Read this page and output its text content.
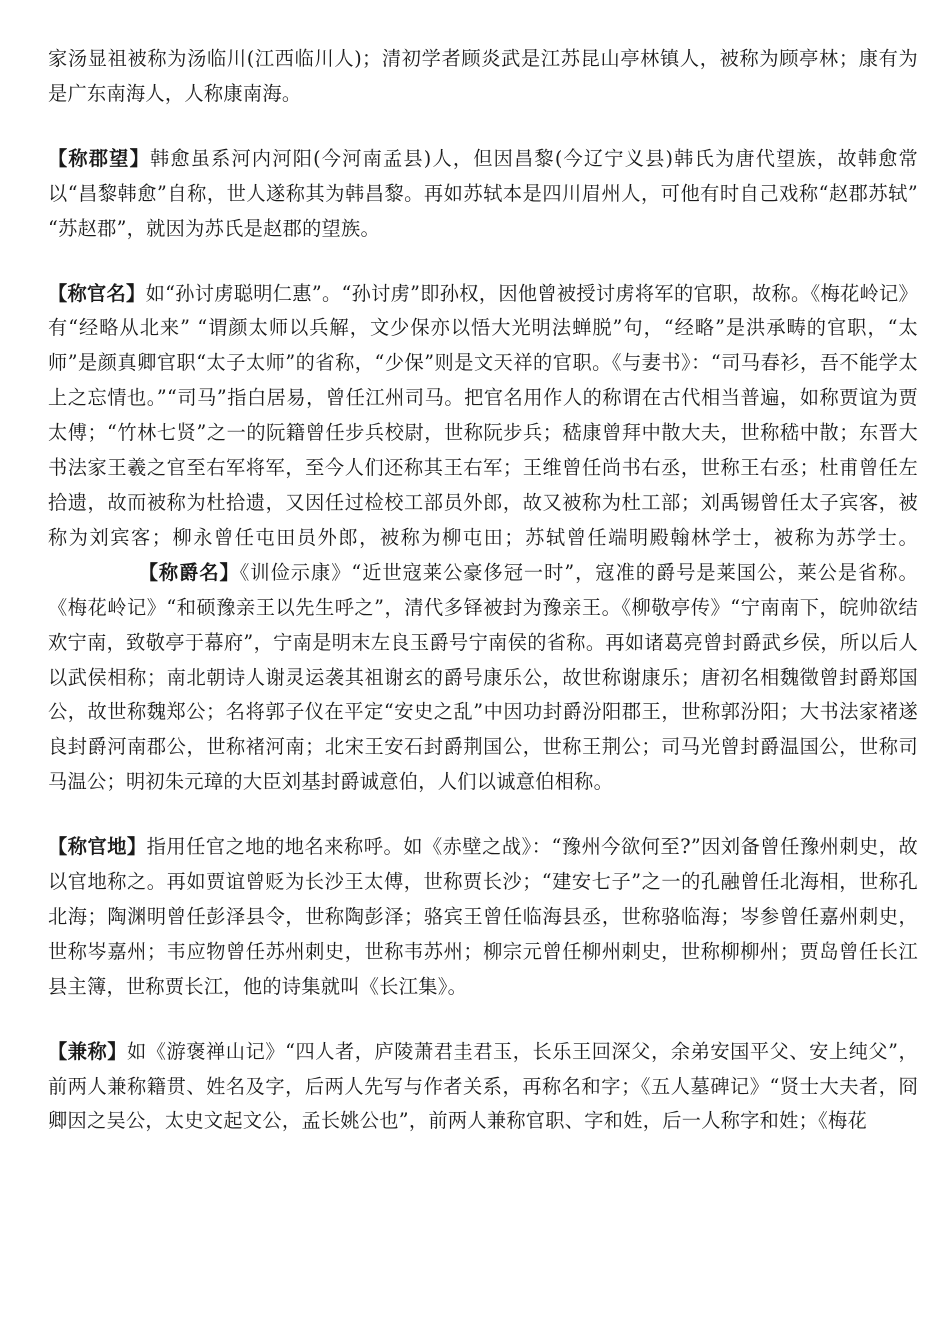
家汤显祖被称为汤临川(江西临川人)；清初学者顾炎武是江苏昆山亭林镇人，被称为顾亭林；康有为是广东南海人，人称康南海。

【称郡望】韩愈虽系河内河阳(今河南孟县)人，但因昌黎(今辽宁义县)韩氏为唐代望族，故韩愈常以“昌黎韩愈”自称，世人遂称其为韩昌黎。再如苏轼本是四川眉州人，可他有时自己戏称“赵郡苏轼” “苏赵郡”，就因为苏氏是赵郡的望族。

【称官名】如“孙讨虏聪明仁惠”。“孙讨虏”即孙权，因他曾被授讨虏将军的官职，故称。《梅花岭记》有“经略从北来” “谓颜太师以兵解，文少保亦以悟大光明法蝉脱”句，“经略”是洪承畴的官职，“太师”是颜真卿官职“太子太师”的省称，“少保”则是文天祥的官职。《与妻书》：“司马春衫，吾不能学太上之忘情也。”“司马”指白居易，曾任江州司马。把官名用作人的称谓在古代相当普遍，如称贾谊为贾太傅；“竹林七贤”之一的阮籍曾任步兵校尉，世称阮步兵；嵇康曾拜中散大夫，世称嵇中散；东晋大书法家王羲之官至右军将军，至今人们还称其王右军；王维曾任尚书右丞，世称王右丞；杜甫曾任左拾遗，故而被称为杜拾遗，又因任过检校工部员外郎，故又被称为杜工部；刘禹锡曾任太子宾客，被称为刘宾客；柳永曾任屯田员外郎，被称为柳屯田；苏轼曾任端明殿翰林学士，被称为苏学士。【称爵名】《训俭示康》“近世寇莱公豪侈冠一时”，寇准的爵号是莱国公，莱公是省称。《梅花岭记》“和硕豫亲王以先生呼之”，清代多铎被封为豫亲王。《柳敬亭传》“宁南南下，皖帅欲结欢宁南，致敬亭于幕府”，宁南是明末左良玉爵号宁南侯的省称。再如诸葛亮曾封爵武乡侯，所以后人以武侯相称；南北朝诗人谢灵运袭其祖谢玄的爵号康乐公，故世称谢康乐；唐初名相魏徵曾封爵郑国公，故世称魏郑公；名将郭子仪在平定“安史之乱”中因功封爵汾阳郡王，世称郭汾阳；大书法家褚遂良封爵河南郡公，世称褚河南；北宋王安石封爵荆国公，世称王荆公；司马光曾封爵温国公，世称司马温公；明初朱元璋的大臣刘基封爵诚意伯，人们以诚意伯相称。

【称官地】指用任官之地的地名来称呼。如《赤壁之战》：“豫州今欲何至?”因刘备曾任豫州刺史，故以官地称之。再如贾谊曾贬为长沙王太傅，世称贾长沙；“建安七子”之一的孔融曾任北海相，世称孔北海；陶渊明曾任彭泽县令，世称陶彭泽；骆宾王曾任临海县丞，世称骆临海；岑参曾任嘉州刺史，世称岑嘉州；韦应物曾任苏州刺史，世称韦苏州；柳宗元曾任柳州刺史，世称柳柳州；贾岛曾任长江县主簿，世称贾长江，他的诗集就叫《长江集》。

【兼称】如《游褒禅山记》“四人者，庐陵萧君圭君玉，长乐王回深父，余弟安国平父、安上纯父”，前两人兼称籍贯、姓名及字，后两人先写与作者关系，再称名和字；《五人墓碑记》“贤士大夫者，冏卿因之吴公，太史文起文公，孟长姚公也”，前两人兼称官职、字和姓，后一人称字和姓；《梅花
